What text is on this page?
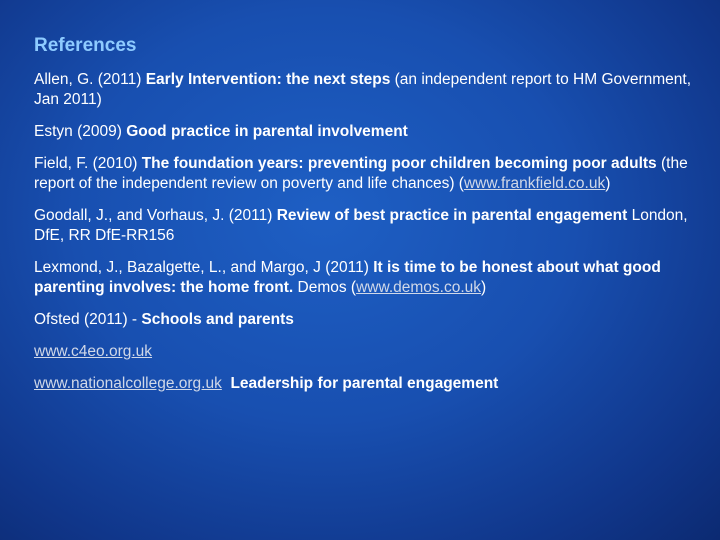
References
Allen, G. (2011) Early Intervention: the next steps (an independent report to HM Government, Jan 2011)
Estyn (2009) Good practice in parental involvement
Field, F. (2010) The foundation years: preventing poor children becoming poor adults (the report of the independent review on poverty and life chances) (www.frankfield.co.uk)
Goodall, J., and Vorhaus, J. (2011) Review of best practice in parental engagement London, DfE, RR DfE-RR156
Lexmond, J., Bazalgette, L., and Margo, J (2011) It is time to be honest about what good parenting involves: the home front. Demos (www.demos.co.uk)
Ofsted (2011) - Schools and parents
www.c4eo.org.uk
www.nationalcollege.org.uk  Leadership for parental engagement
